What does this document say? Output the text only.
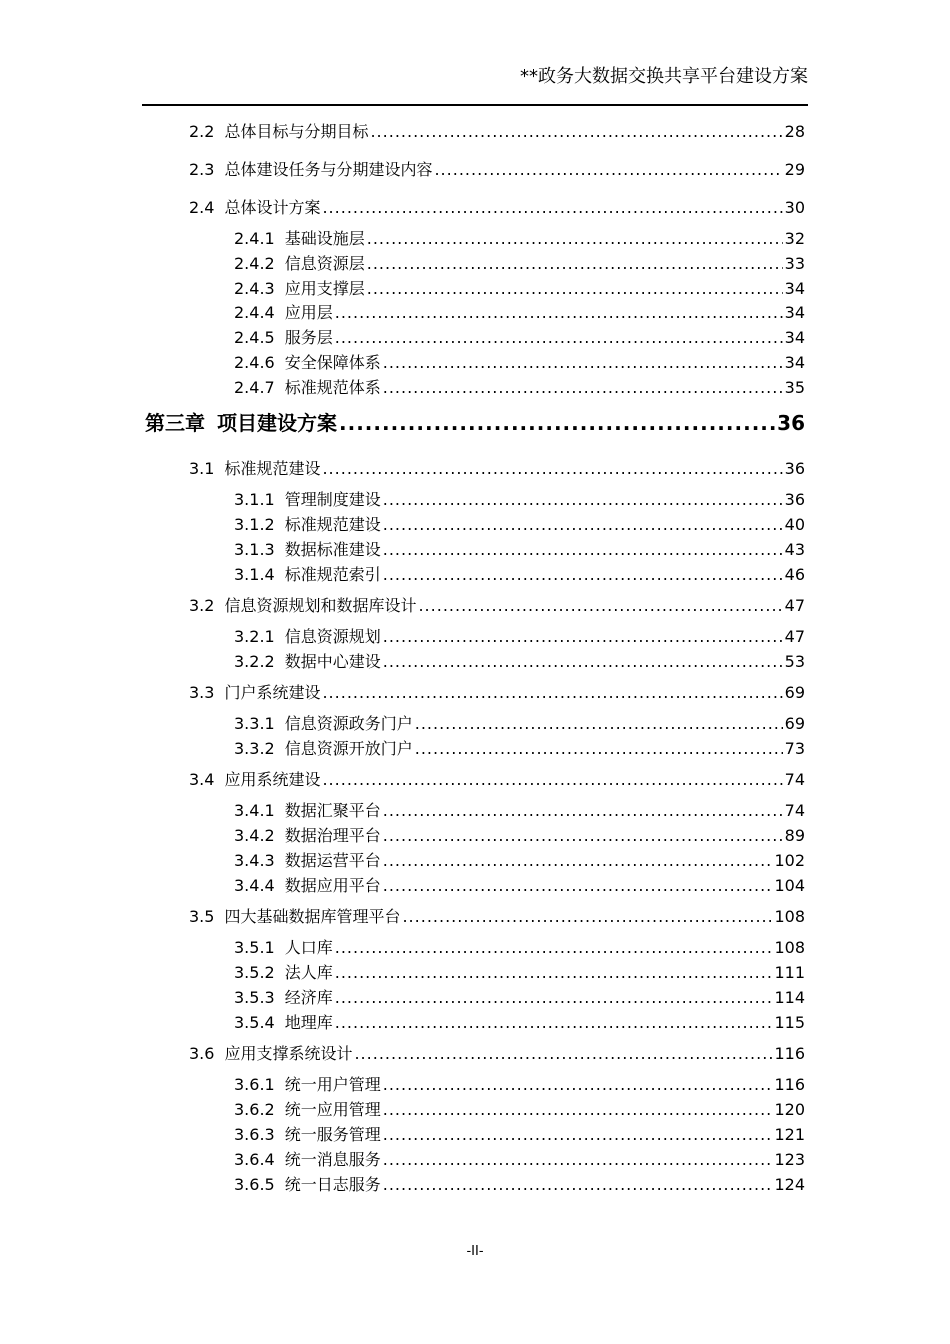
**政务大数据交换共享平台建设方案
2.2 总体目标与分期目标 .....	28
2.3 总体建设任务与分期建设内容 .....	29
2.4 总体设计方案 .....	30
2.4.1 基础设施层 .....	32
2.4.2 信息资源层 .....	33
2.4.3 应用支撑层 .....	34
2.4.4 应用层 .....	34
2.4.5 服务层 .....	34
2.4.6 安全保障体系 .....	34
2.4.7 标准规范体系 .....	35
第三章 项目建设方案 .....	36
3.1 标准规范建设 .....	36
3.1.1 管理制度建设 .....	36
3.1.2 标准规范建设 .....	40
3.1.3 数据标准建设 .....	43
3.1.4 标准规范索引 .....	46
3.2 信息资源规划和数据库设计 .....	47
3.2.1 信息资源规划 .....	47
3.2.2 数据中心建设 .....	53
3.3 门户系统建设 .....	69
3.3.1 信息资源政务门户 .....	69
3.3.2 信息资源开放门户 .....	73
3.4 应用系统建设 .....	74
3.4.1 数据汇聚平台 .....	74
3.4.2 数据治理平台 .....	89
3.4.3 数据运营平台 .....	102
3.4.4 数据应用平台 .....	104
3.5 四大基础数据库管理平台 .....	108
3.5.1 人口库 .....	108
3.5.2 法人库 .....	111
3.5.3 经济库 .....	114
3.5.4 地理库 .....	115
3.6 应用支撑系统设计 .....	116
3.6.1 统一用户管理 .....	116
3.6.2 统一应用管理 .....	120
3.6.3 统一服务管理 .....	121
3.6.4 统一消息服务 .....	123
3.6.5 统一日志服务 .....	124
-II-
